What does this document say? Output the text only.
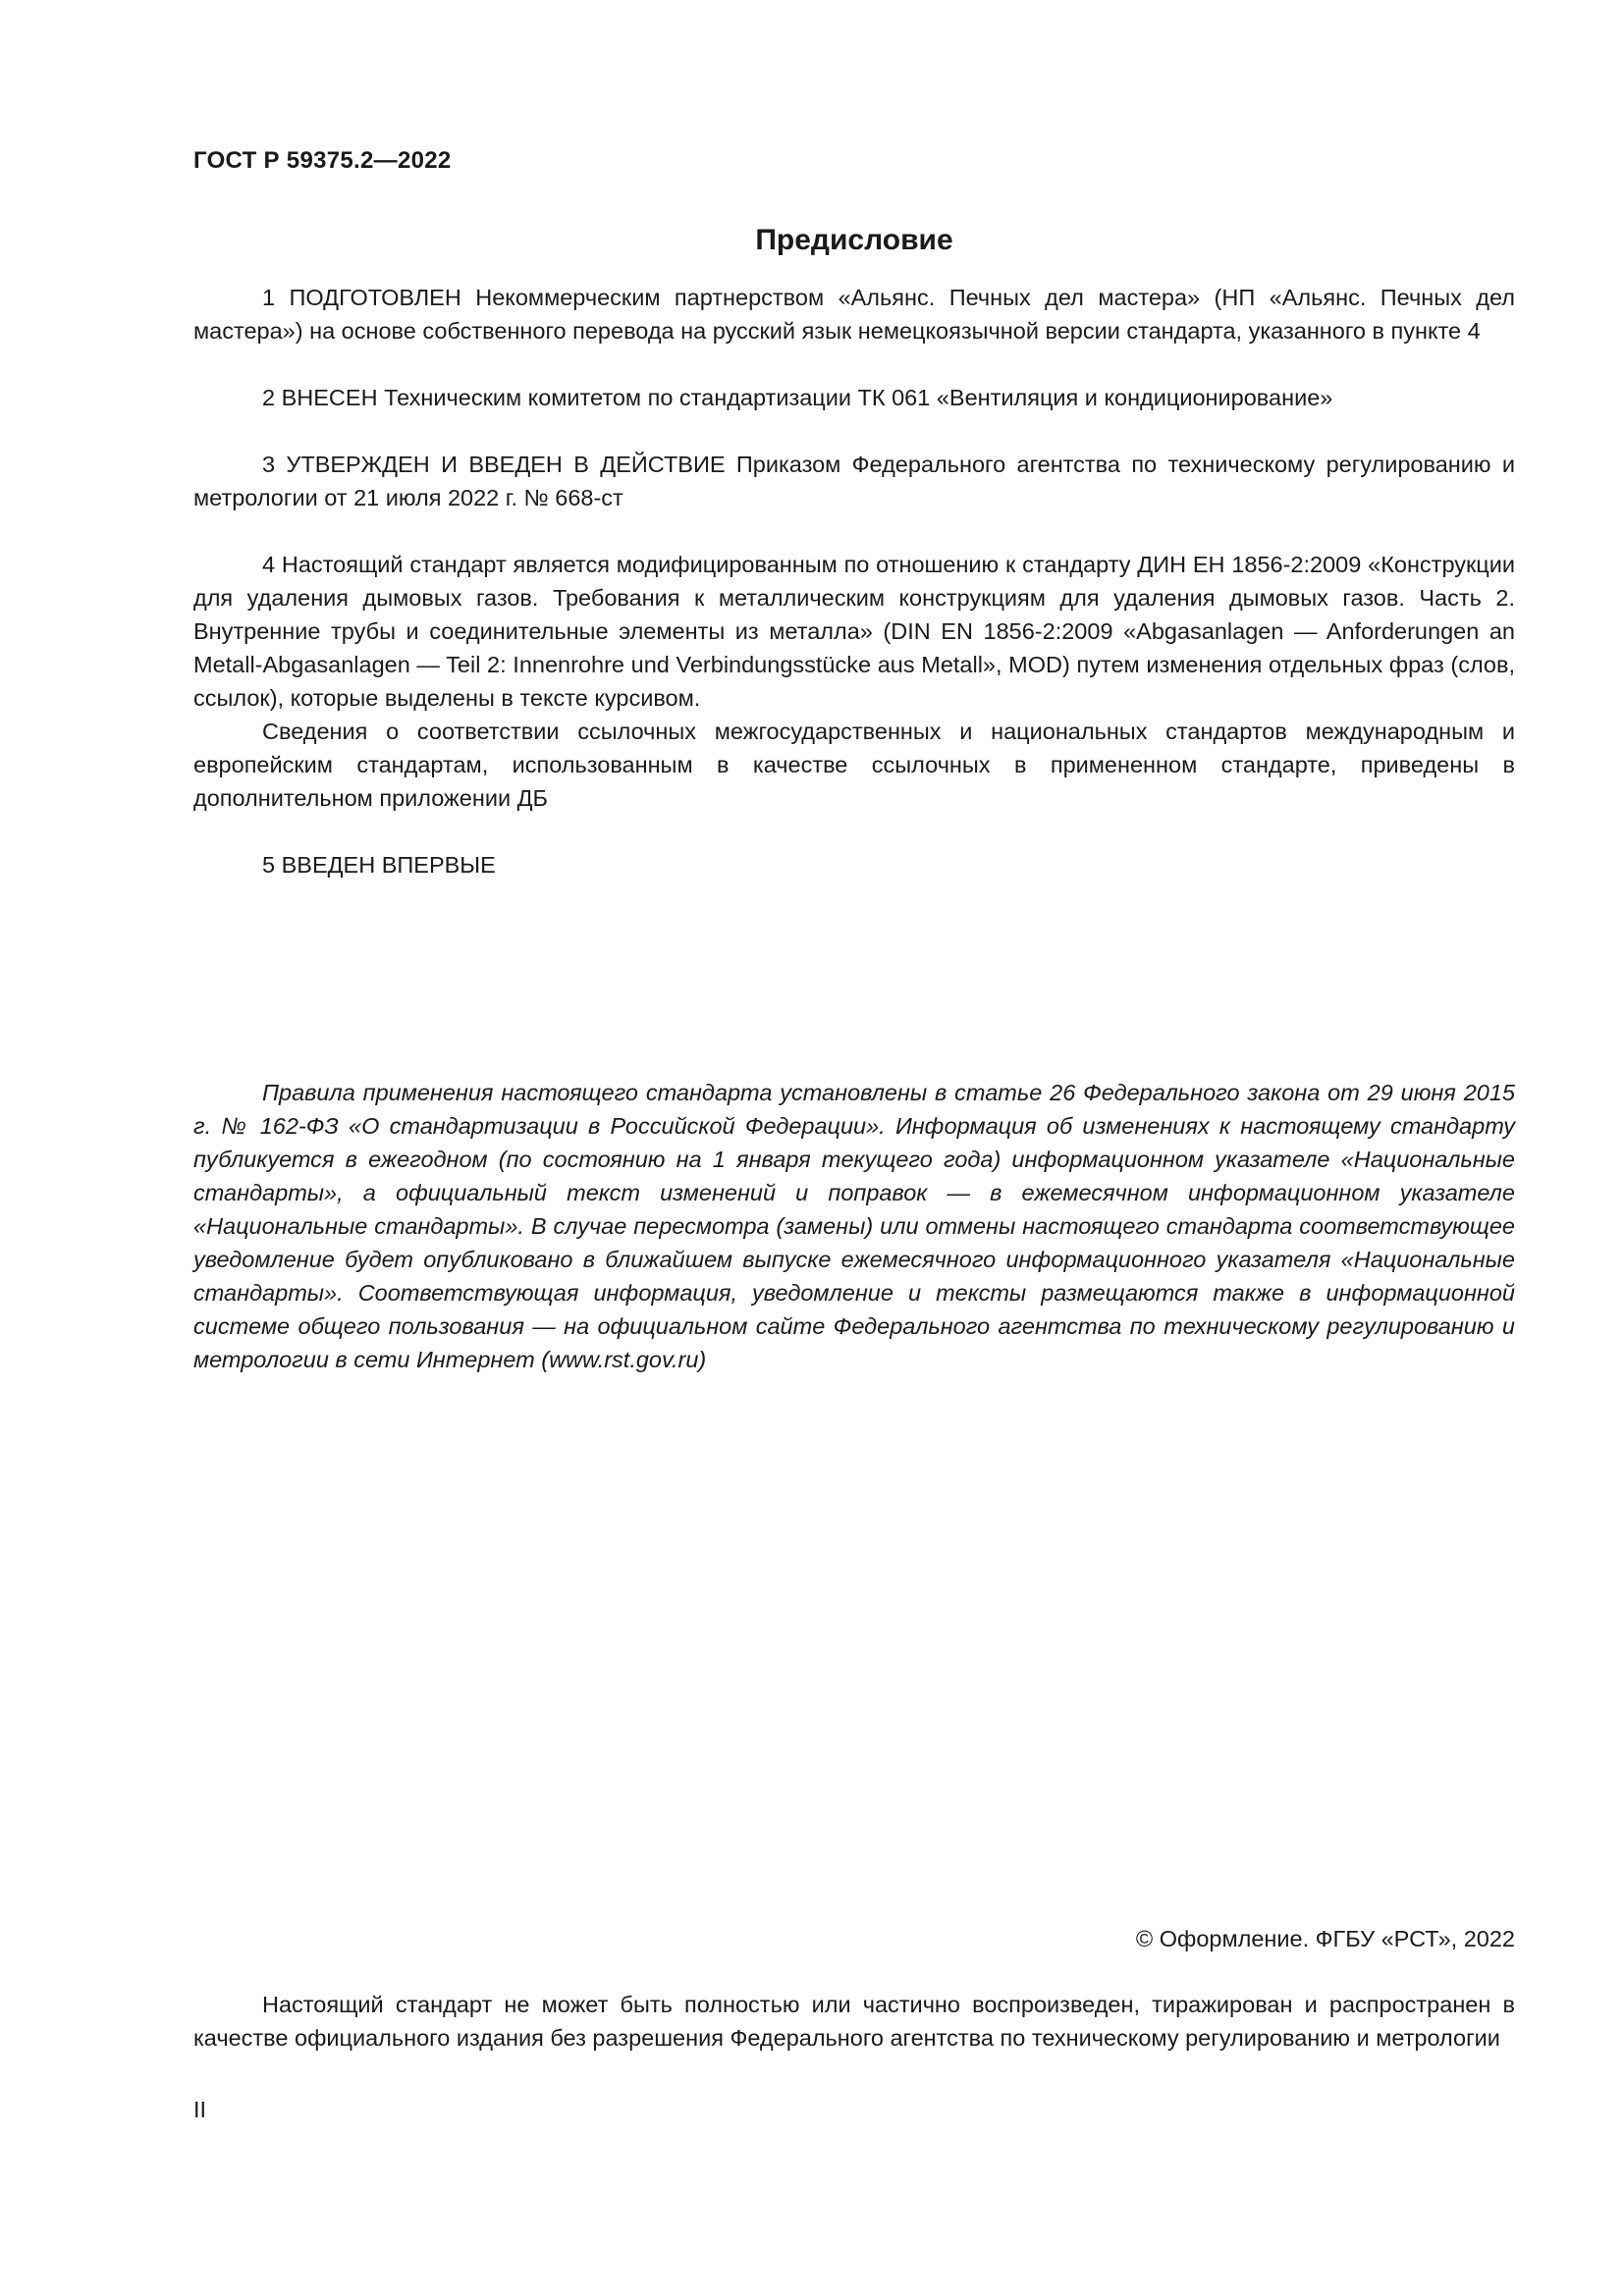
ГОСТ Р 59375.2—2022
Предисловие

1 ПОДГОТОВЛЕН Некоммерческим партнерством «Альянс. Печных дел мастера» (НП «Альянс. Печных дел мастера») на основе собственного перевода на русский язык немецкоязычной версии стандарта, указанного в пункте 4

2 ВНЕСЕН Техническим комитетом по стандартизации ТК 061 «Вентиляция и кондиционирование»

3 УТВЕРЖДЕН И ВВЕДЕН В ДЕЙСТВИЕ Приказом Федерального агентства по техническому регулированию и метрологии от 21 июля 2022 г. № 668-ст

4 Настоящий стандарт является модифицированным по отношению к стандарту ДИН ЕН 1856-2:2009 «Конструкции для удаления дымовых газов. Требования к металлическим конструкциям для удаления дымовых газов. Часть 2. Внутренние трубы и соединительные элементы из металла» (DIN EN 1856-2:2009 «Abgasanlagen — Anforderungen an Metall-Abgasanlagen — Teil 2: Innenrohre und Verbindungsstücke aus Metall», MOD) путем изменения отдельных фраз (слов, ссылок), которые выделены в тексте курсивом.

Сведения о соответствии ссылочных межгосударственных и национальных стандартов международным и европейским стандартам, использованным в качестве ссылочных в примененном стандарте, приведены в дополнительном приложении ДБ

5 ВВЕДЕН ВПЕРВЫЕ

Правила применения настоящего стандарта установлены в статье 26 Федерального закона от 29 июня 2015 г. № 162-ФЗ «О стандартизации в Российской Федерации». Информация об изменениях к настоящему стандарту публикуется в ежегодном (по состоянию на 1 января текущего года) информационном указателе «Национальные стандарты», а официальный текст изменений и поправок — в ежемесячном информационном указателе «Национальные стандарты». В случае пересмотра (замены) или отмены настоящего стандарта соответствующее уведомление будет опубликовано в ближайшем выпуске ежемесячного информационного указателя «Национальные стандарты». Соответствующая информация, уведомление и тексты размещаются также в информационной системе общего пользования — на официальном сайте Федерального агентства по техническому регулированию и метрологии в сети Интернет (www.rst.gov.ru)

© Оформление. ФГБУ «РСТ», 2022

Настоящий стандарт не может быть полностью или частично воспроизведен, тиражирован и распространен в качестве официального издания без разрешения Федерального агентства по техническому регулированию и метрологии

II
